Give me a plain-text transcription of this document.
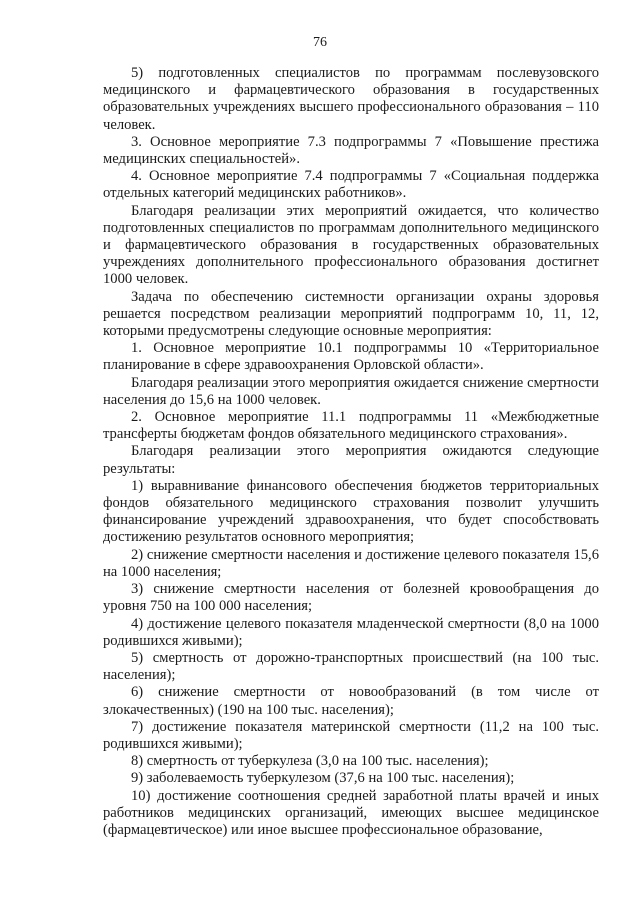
76

5) подготовленных специалистов по программам послевузовского медицинского и фармацевтического образования в государственных образовательных учреждениях высшего профессионального образования – 110 человек.

3. Основное мероприятие 7.3 подпрограммы 7 «Повышение престижа медицинских специальностей».

4. Основное мероприятие 7.4 подпрограммы 7 «Социальная поддержка отдельных категорий медицинских работников».

Благодаря реализации этих мероприятий ожидается, что количество подготовленных специалистов по программам дополнительного медицинского и фармацевтического образования в государственных образовательных учреждениях дополнительного профессионального образования достигнет 1000 человек.

Задача по обеспечению системности организации охраны здоровья решается посредством реализации мероприятий подпрограмм 10, 11, 12, которыми предусмотрены следующие основные мероприятия:

1. Основное мероприятие 10.1 подпрограммы 10 «Территориальное планирование в сфере здравоохранения Орловской области».

Благодаря реализации этого мероприятия ожидается снижение смертности населения до 15,6 на 1000 человек.

2. Основное мероприятие 11.1 подпрограммы 11 «Межбюджетные трансферты бюджетам фондов обязательного медицинского страхования».

Благодаря реализации этого мероприятия ожидаются следующие результаты:

1) выравнивание финансового обеспечения бюджетов территориальных фондов обязательного медицинского страхования позволит улучшить финансирование учреждений здравоохранения, что будет способствовать достижению результатов основного мероприятия;

2) снижение смертности населения и достижение целевого показателя 15,6 на 1000 населения;

3) снижение смертности населения от болезней кровообращения до уровня 750 на 100 000 населения;

4) достижение целевого показателя младенческой смертности (8,0 на 1000 родившихся живыми);

5) смертность от дорожно-транспортных происшествий (на 100 тыс. населения);

6) снижение смертности от новообразований (в том числе от злокачественных) (190 на 100 тыс. населения);

7) достижение показателя материнской смертности (11,2 на 100 тыс. родившихся живыми);

8) смертность от туберкулеза (3,0 на 100 тыс. населения);

9) заболеваемость туберкулезом (37,6 на 100 тыс. населения);

10) достижение соотношения средней заработной платы врачей и иных работников медицинских организаций, имеющих высшее медицинское (фармацевтическое) или иное высшее профессиональное образование,
